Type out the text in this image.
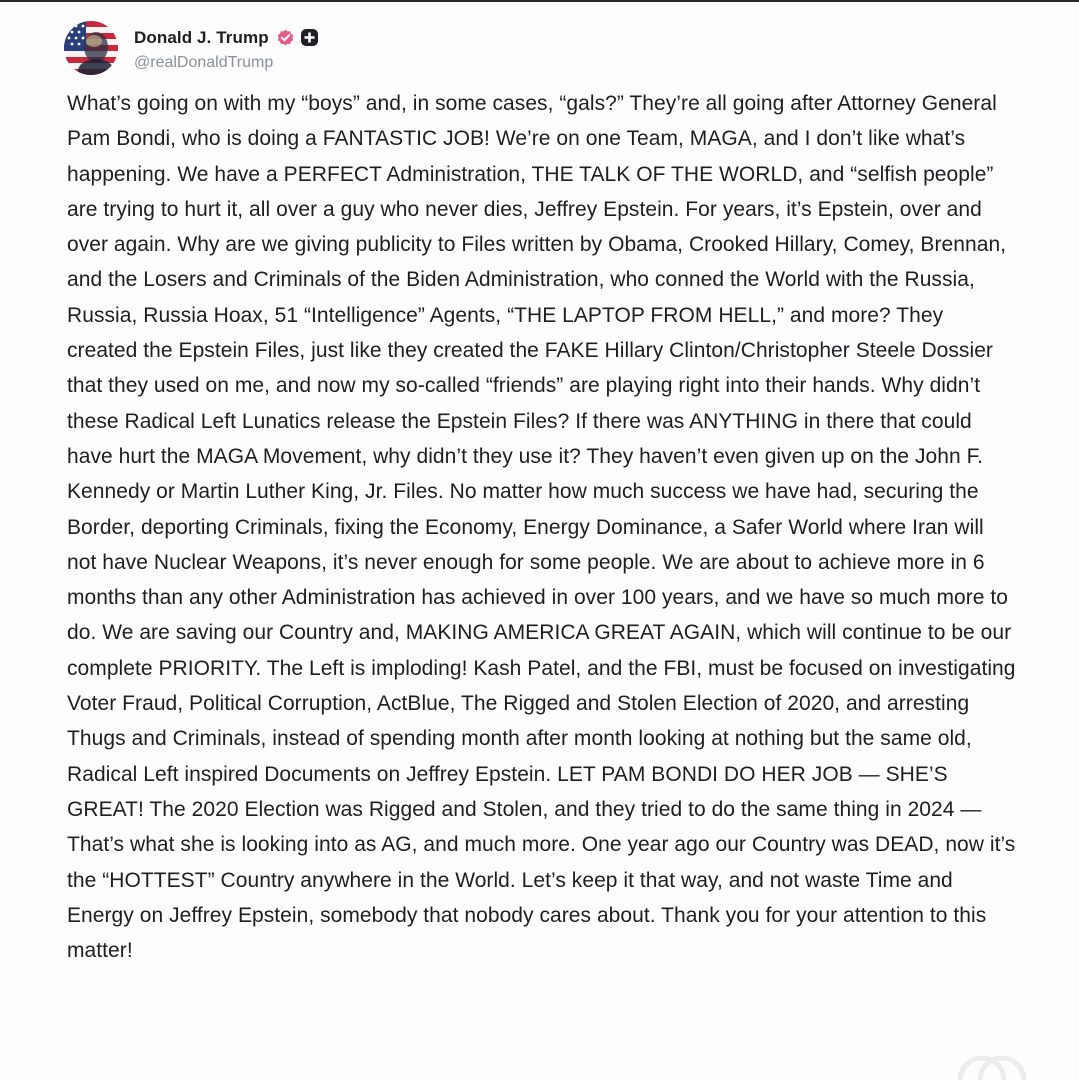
Donald J. Trump
@realDonaldTrump

What’s going on with my “boys” and, in some cases, “gals?” They’re all going after Attorney General Pam Bondi, who is doing a FANTASTIC JOB! We’re on one Team, MAGA, and I don’t like what’s happening. We have a PERFECT Administration, THE TALK OF THE WORLD, and “selfish people” are trying to hurt it, all over a guy who never dies, Jeffrey Epstein. For years, it’s Epstein, over and over again. Why are we giving publicity to Files written by Obama, Crooked Hillary, Comey, Brennan, and the Losers and Criminals of the Biden Administration, who conned the World with the Russia, Russia, Russia Hoax, 51 “Intelligence” Agents, “THE LAPTOP FROM HELL,” and more? They created the Epstein Files, just like they created the FAKE Hillary Clinton/Christopher Steele Dossier that they used on me, and now my so-called “friends” are playing right into their hands. Why didn’t these Radical Left Lunatics release the Epstein Files? If there was ANYTHING in there that could have hurt the MAGA Movement, why didn’t they use it? They haven’t even given up on the John F. Kennedy or Martin Luther King, Jr. Files. No matter how much success we have had, securing the Border, deporting Criminals, fixing the Economy, Energy Dominance, a Safer World where Iran will not have Nuclear Weapons, it’s never enough for some people. We are about to achieve more in 6 months than any other Administration has achieved in over 100 years, and we have so much more to do. We are saving our Country and, MAKING AMERICA GREAT AGAIN, which will continue to be our complete PRIORITY. The Left is imploding! Kash Patel, and the FBI, must be focused on investigating Voter Fraud, Political Corruption, ActBlue, The Rigged and Stolen Election of 2020, and arresting Thugs and Criminals, instead of spending month after month looking at nothing but the same old, Radical Left inspired Documents on Jeffrey Epstein. LET PAM BONDI DO HER JOB — SHE’S GREAT! The 2020 Election was Rigged and Stolen, and they tried to do the same thing in 2024 — That’s what she is looking into as AG, and much more. One year ago our Country was DEAD, now it’s the “HOTTEST” Country anywhere in the World. Let’s keep it that way, and not waste Time and Energy on Jeffrey Epstein, somebody that nobody cares about. Thank you for your attention to this matter!
